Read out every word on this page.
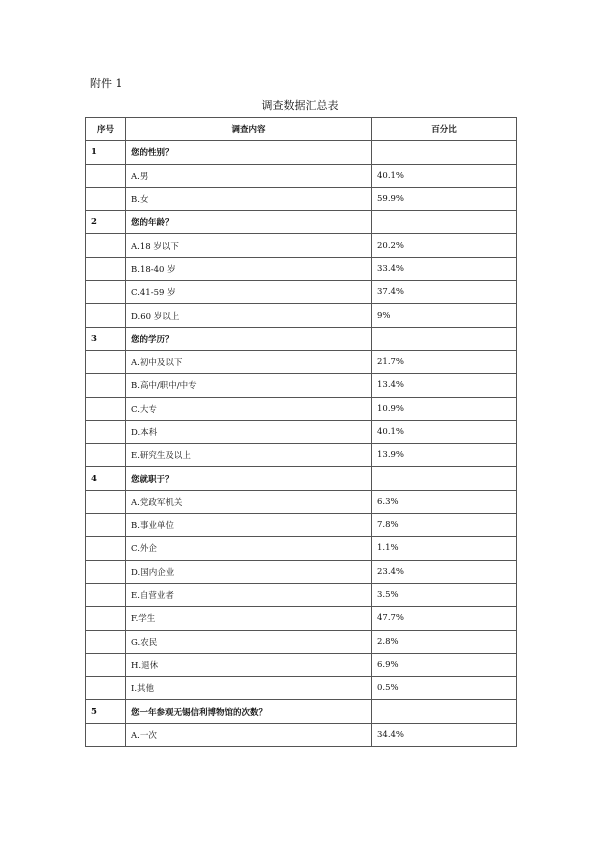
附件 1
调查数据汇总表
序号	调查内容	百分比
1	您的性别？	
	A.男	40.1%
	B.女	59.9%
2	您的年龄？	
	A.18 岁以下	20.2%
	B.18-40 岁	33.4%
	C.41-59 岁	37.4%
	D.60 岁以上	9%
3	您的学历？	
	A.初中及以下	21.7%
	B.高中/职中/中专	13.4%
	C.大专	10.9%
	D.本科	40.1%
	E.研究生及以上	13.9%
4	您就职于？	
	A.党政军机关	6.3%
	B.事业单位	7.8%
	C.外企	1.1%
	D.国内企业	23.4%
	E.自营业者	3.5%
	F.学生	47.7%
	G.农民	2.8%
	H.退休	6.9%
	I.其他	0.5%
5	您一年参观无锡信利博物馆的次数？	
	A.一次	34.4%
